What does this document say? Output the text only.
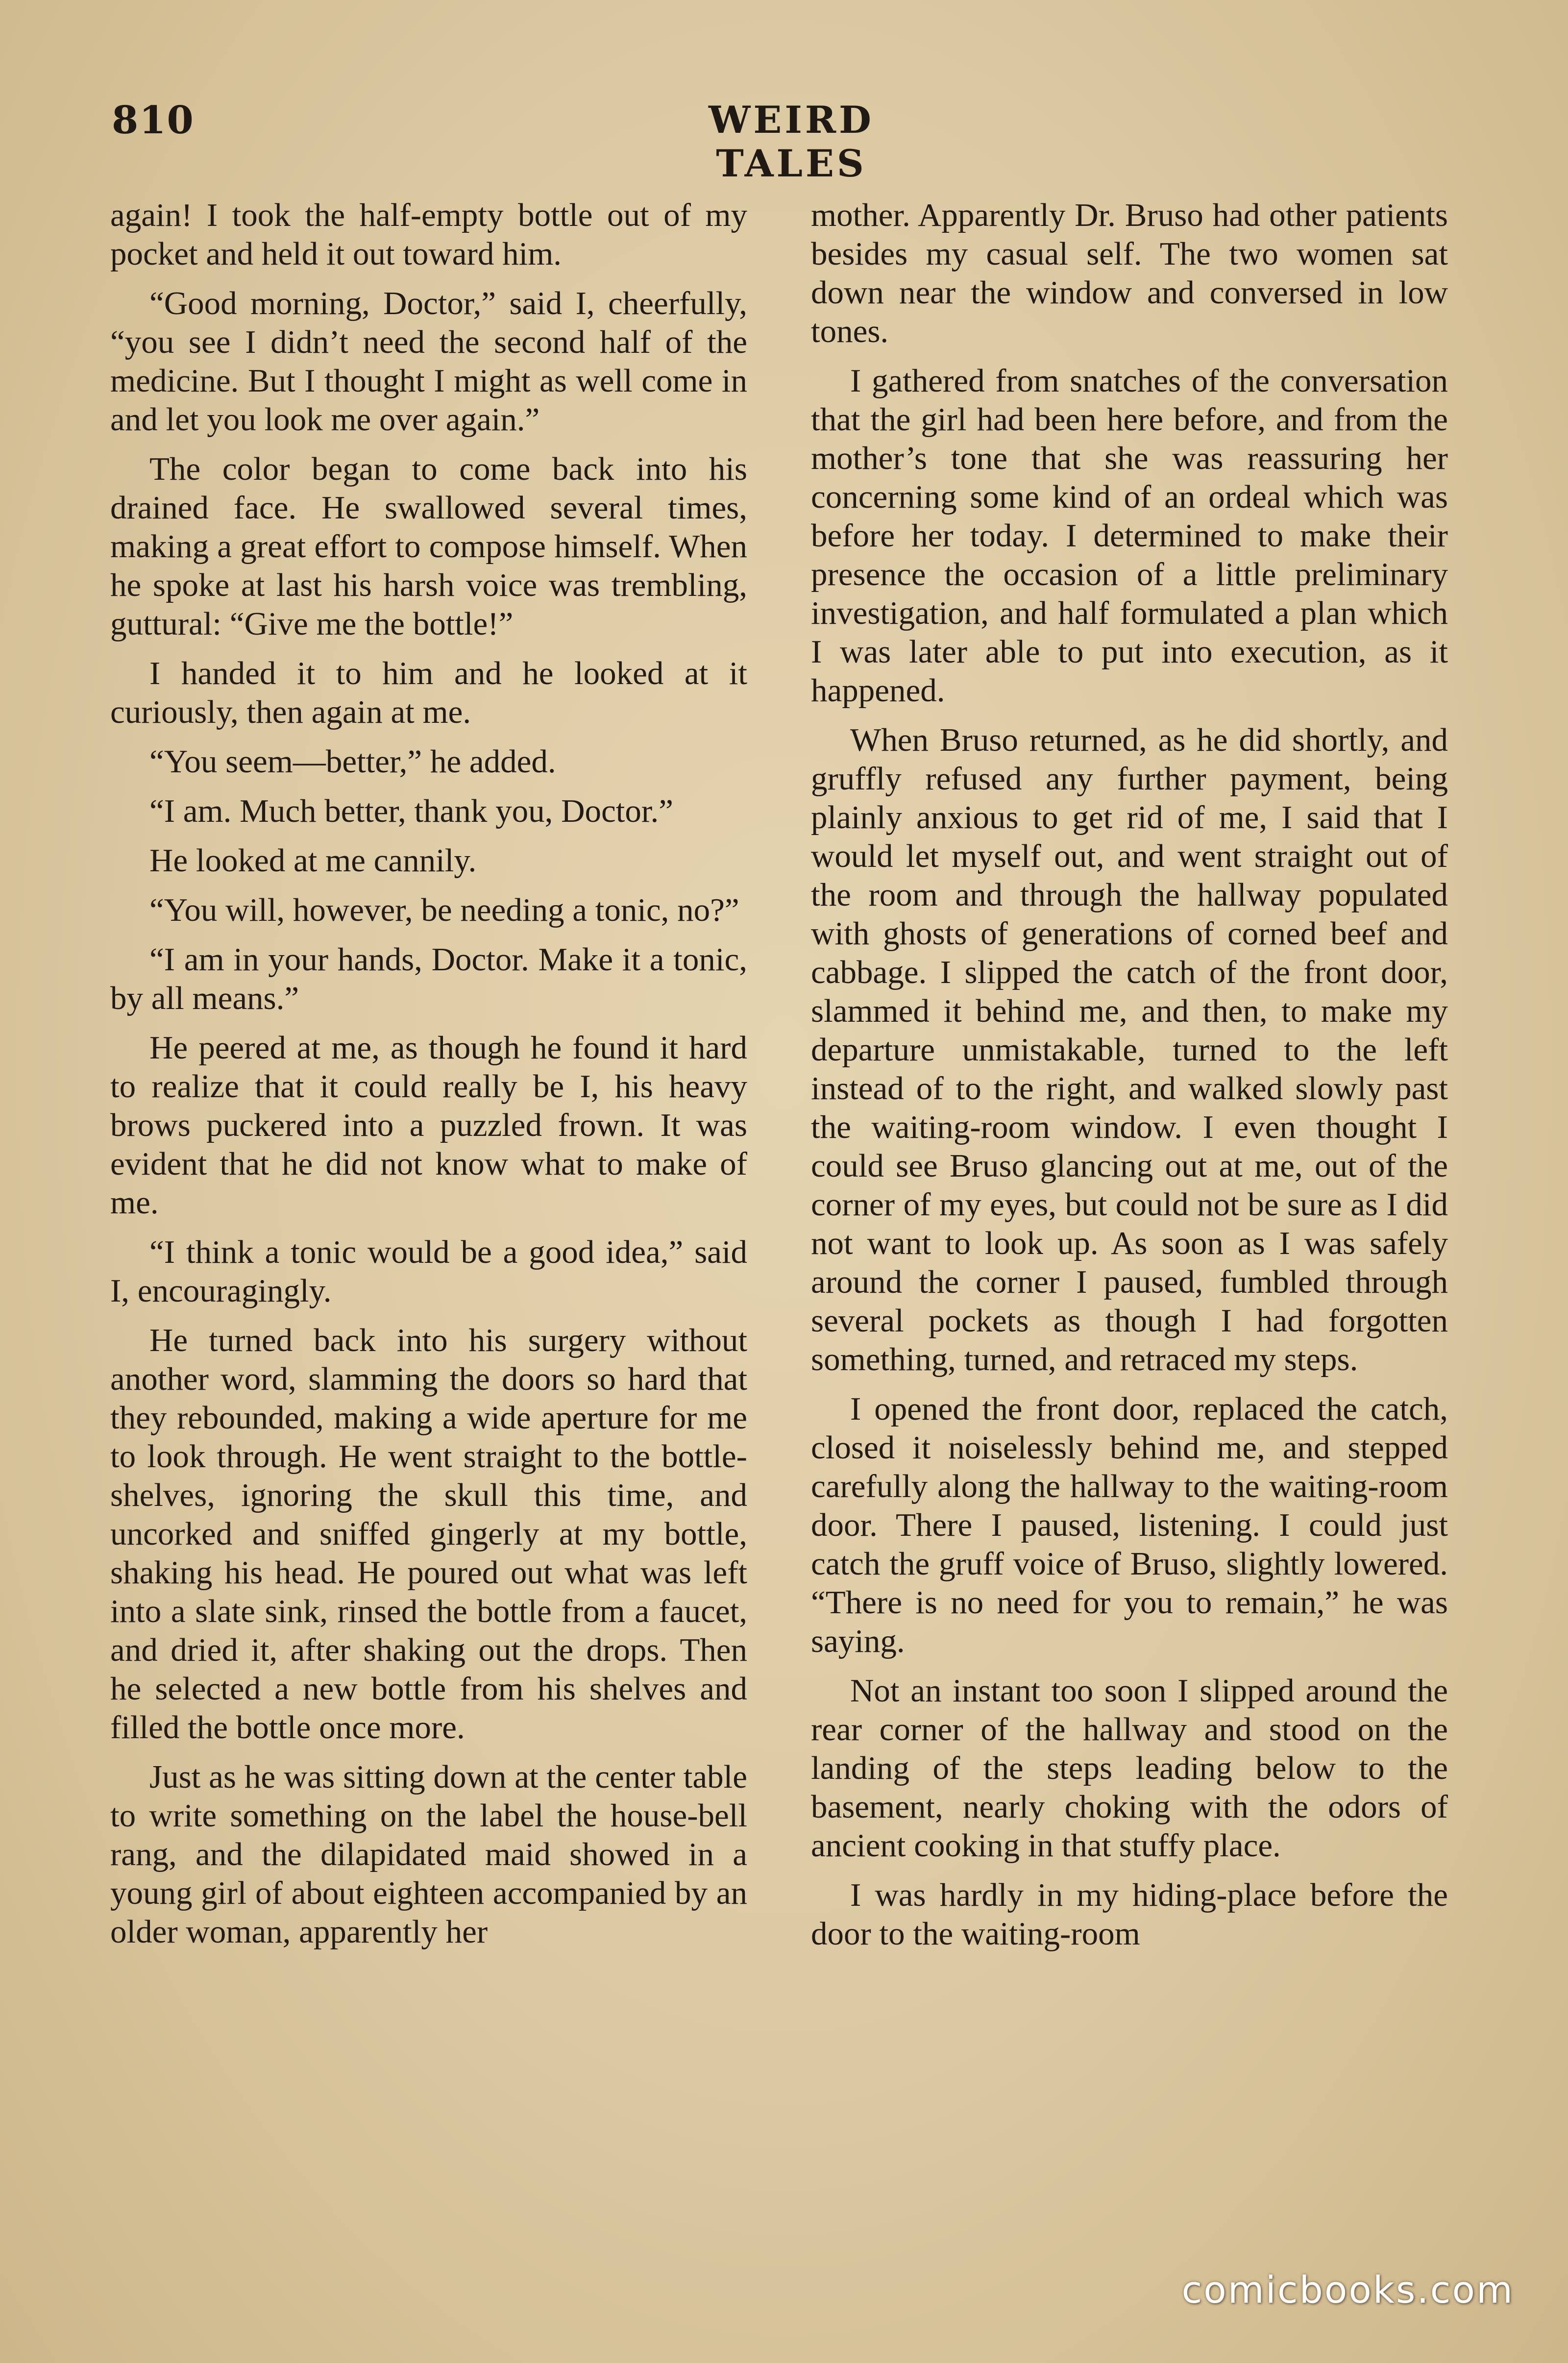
810	WEIRD TALES

again! I took the half-empty bottle out of my pocket and held it out toward him.

“Good morning, Doctor,” said I, cheerfully, “you see I didn’t need the second half of the medicine. But I thought I might as well come in and let you look me over again.”

The color began to come back into his drained face. He swallowed several times, making a great effort to compose himself. When he spoke at last his harsh voice was trembling, guttural: “Give me the bottle!”

I handed it to him and he looked at it curiously, then again at me.

“You seem—better,” he added.

“I am. Much better, thank you, Doctor.”

He looked at me cannily.

“You will, however, be needing a tonic, no?”

“I am in your hands, Doctor. Make it a tonic, by all means.”

He peered at me, as though he found it hard to realize that it could really be I, his heavy brows puckered into a puzzled frown. It was evident that he did not know what to make of me.

“I think a tonic would be a good idea,” said I, encouragingly.

He turned back into his surgery without another word, slamming the doors so hard that they rebounded, making a wide aperture for me to look through. He went straight to the bottle-shelves, ignoring the skull this time, and uncorked and sniffed gingerly at my bottle, shaking his head. He poured out what was left into a slate sink, rinsed the bottle from a faucet, and dried it, after shaking out the drops. Then he selected a new bottle from his shelves and filled the bottle once more.

Just as he was sitting down at the center table to write something on the label the house-bell rang, and the dilapidated maid showed in a young girl of about eighteen accompanied by an older woman, apparently her

mother. Apparently Dr. Bruso had other patients besides my casual self. The two women sat down near the window and conversed in low tones.

I gathered from snatches of the conversation that the girl had been here before, and from the mother’s tone that she was reassuring her concerning some kind of an ordeal which was before her today. I determined to make their presence the occasion of a little preliminary investigation, and half formulated a plan which I was later able to put into execution, as it happened.

When Bruso returned, as he did shortly, and gruffly refused any further payment, being plainly anxious to get rid of me, I said that I would let myself out, and went straight out of the room and through the hallway populated with ghosts of generations of corned beef and cabbage. I slipped the catch of the front door, slammed it behind me, and then, to make my departure unmistakable, turned to the left instead of to the right, and walked slowly past the waiting-room window. I even thought I could see Bruso glancing out at me, out of the corner of my eyes, but could not be sure as I did not want to look up. As soon as I was safely around the corner I paused, fumbled through several pockets as though I had forgotten something, turned, and retraced my steps.

I opened the front door, replaced the catch, closed it noiselessly behind me, and stepped carefully along the hallway to the waiting-room door. There I paused, listening. I could just catch the gruff voice of Bruso, slightly lowered. “There is no need for you to remain,” he was saying.

Not an instant too soon I slipped around the rear corner of the hallway and stood on the landing of the steps leading below to the basement, nearly choking with the odors of ancient cooking in that stuffy place.

I was hardly in my hiding-place before the door to the waiting-room

comicbooks.com
